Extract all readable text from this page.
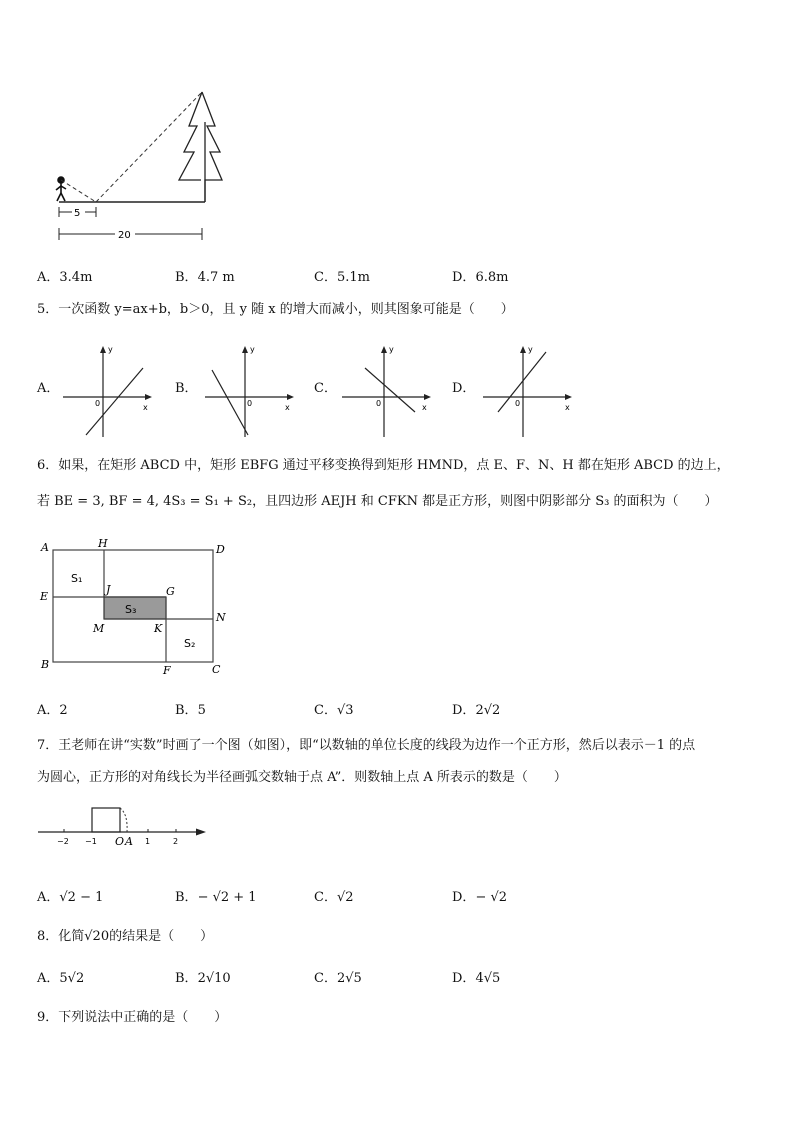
5
20
A．3.4m	B．4.7 m	C．5.1m	D．6.8m
5．一次函数 y=ax+b，b＞0，且 y 随 x 的增大而减小，则其图象可能是（　　）
A．
y
0	x
B．
y
0	x
C．
y
0	x
D．
y
0	x
6．如果，在矩形 ABCD 中，矩形 EBFG 通过平移变换得到矩形 HMND，点 E、F、N、H 都在矩形 ABCD 的边上，
若 BE = 3, BF = 4, 4S₃ = S₁ + S₂，且四边形 AEJH 和 CFKN 都是正方形，则图中阴影部分 S₃ 的面积为（　　）
A	H	D
E
J	G
N
M	K
B	F	C
S₁
S₃
S₂
A．2	B．5	C．√3	D．2√2
7．王老师在讲“实数”时画了一个图（如图），即“以数轴的单位长度的线段为边作一个正方形，然后以表示－1 的点
为圆心，正方形的对角线长为半径画弧交数轴于点 A”．则数轴上点 A 所表示的数是（　　）
−2 −1 O A 1	2
A．√2 − 1	B．− √2 + 1	C．√2	D．− √2
8．化简√20的结果是（　　）
A．5√2	B．2√10	C．2√5	D．4√5
9．下列说法中正确的是（　　）
